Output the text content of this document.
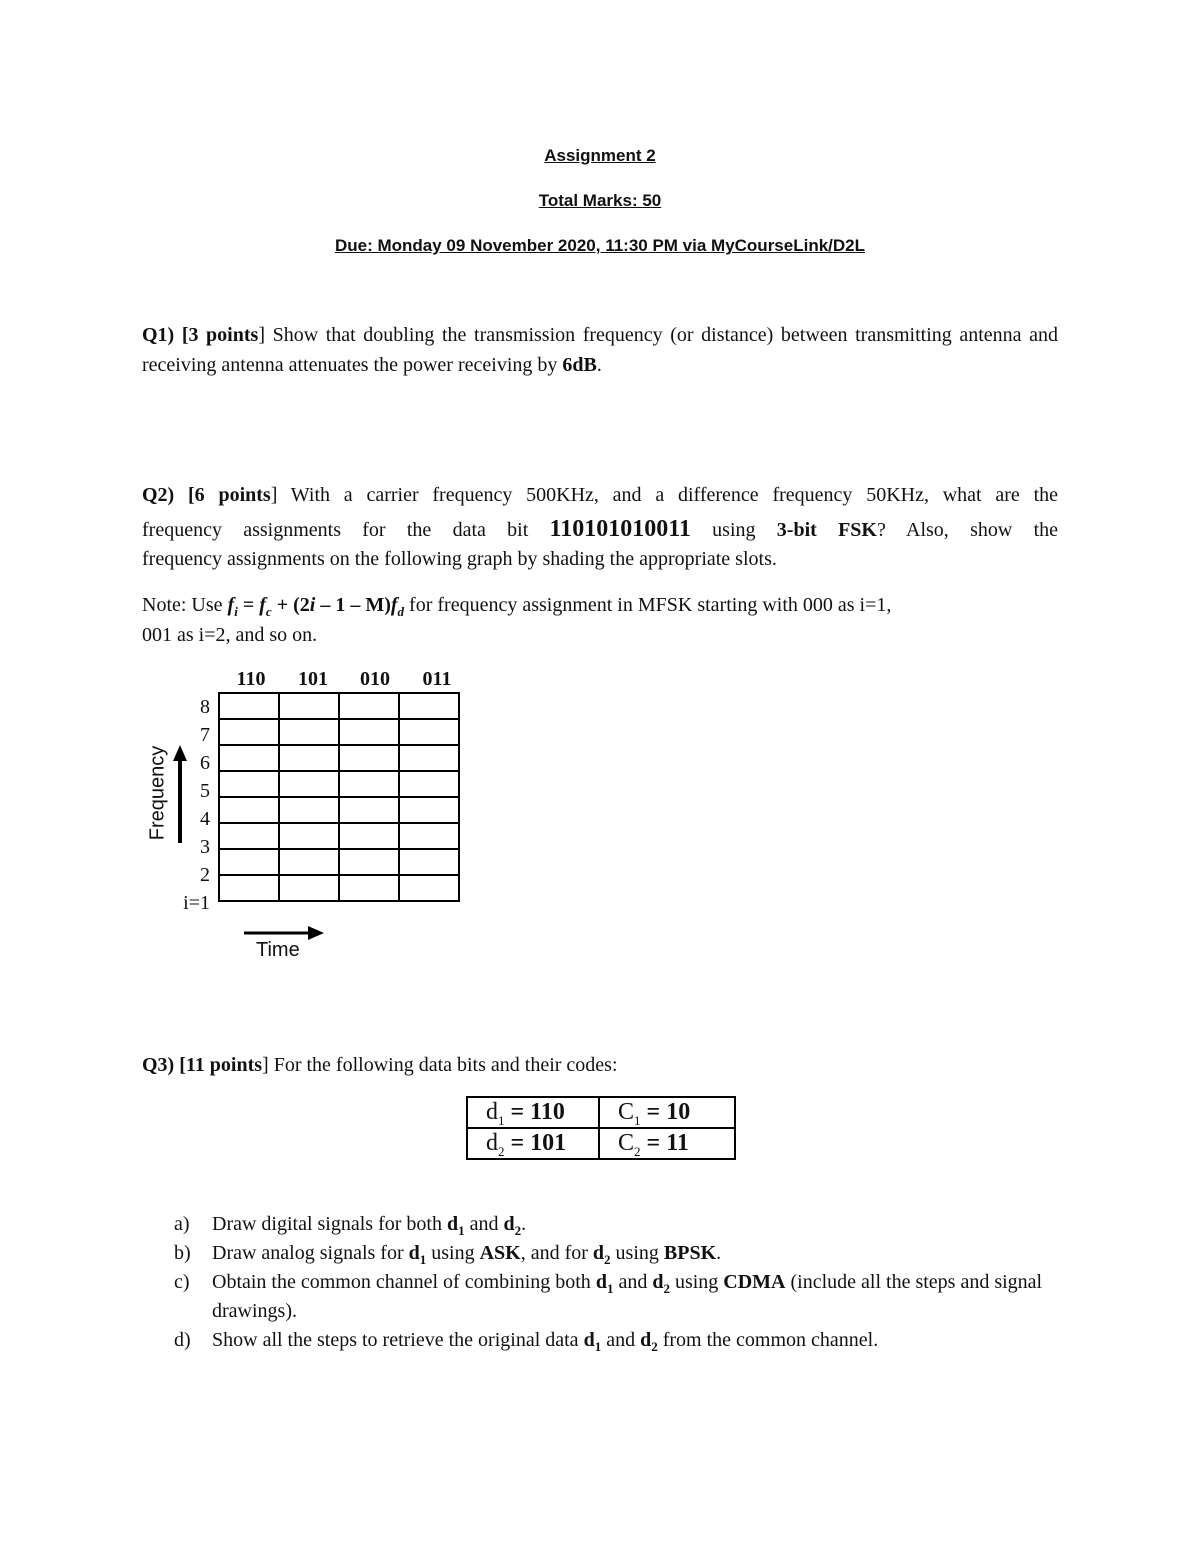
Assignment 2
Total Marks: 50
Due: Monday 09 November 2020, 11:30 PM via MyCourseLink/D2L
Q1) [3 points] Show that doubling the transmission frequency (or distance) between transmitting antenna and receiving antenna attenuates the power receiving by 6dB.
Q2) [6 points] With a carrier frequency 500KHz, and a difference frequency 50KHz, what are the
frequency assignments for the data bit 110101010011 using 3-bit FSK? Also, show the
frequency assignments on the following graph by shading the appropriate slots.
Note: Use $f_i = f_c + (2i - 1 - M)f_d$ for frequency assignment in MFSK starting with 000 as i=1,
001 as i=2, and so on.
110	101	010	011
8
7
6
5
4
3
2
i=1

Frequency
Time
Q3) [11 points] For the following data bits and their codes:
$d_1 = 110$	$C_1 = 10$
$d_2 = 101$	$C_2 = 11$
a) Draw digital signals for both $d_1$ and $d_2$.
b) Draw analog signals for $d_1$ using ASK, and for $d_2$ using BPSK.
c) Obtain the common channel of combining both $d_1$ and $d_2$ using CDMA (include all the steps and signal drawings).
d) Show all the steps to retrieve the original data $d_1$ and $d_2$ from the common channel.
